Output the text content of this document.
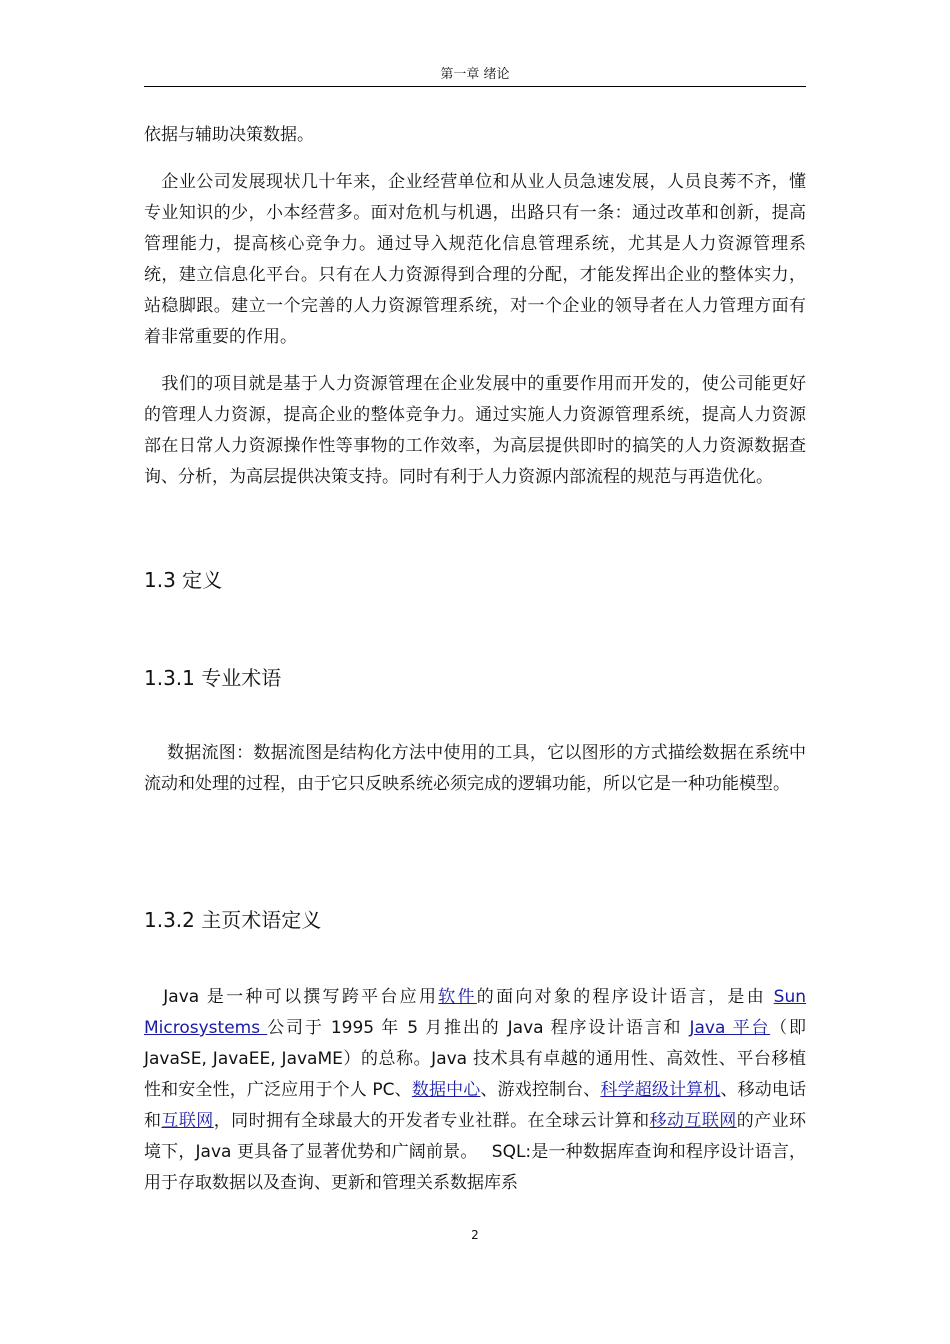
第一章 绪论

依据与辅助决策数据。

　企业公司发展现状几十年来，企业经营单位和从业人员急速发展，人员良莠不齐，懂专业知识的少，小本经营多。面对危机与机遇，出路只有一条：通过改革和创新，提高管理能力，提高核心竞争力。通过导入规范化信息管理系统，尤其是人力资源管理系统，建立信息化平台。只有在人力资源得到合理的分配，才能发挥出企业的整体实力，站稳脚跟。建立一个完善的人力资源管理系统，对一个企业的领导者在人力管理方面有着非常重要的作用。

　我们的项目就是基于人力资源管理在企业发展中的重要作用而开发的，使公司能更好的管理人力资源，提高企业的整体竞争力。通过实施人力资源管理系统，提高人力资源部在日常人力资源操作性等事物的工作效率，为高层提供即时的搞笑的人力资源数据查询、分析，为高层提供决策支持。同时有利于人力资源内部流程的规范与再造优化。

1.3 定义
1.3.1 专业术语

　 数据流图：数据流图是结构化方法中使用的工具，它以图形的方式描绘数据在系统中流动和处理的过程，由于它只反映系统必须完成的逻辑功能，所以它是一种功能模型。

1.3.2 主页术语定义

　Java 是一种可以撰写跨平台应用软件的面向对象的程序设计语言，是由 Sun Microsystems 公司于 1995 年 5 月推出的 Java 程序设计语言和 Java 平台（即 JavaSE, JavaEE, JavaME）的总称。Java 技术具有卓越的通用性、高效性、平台移植性和安全性，广泛应用于个人 PC、数据中心、游戏控制台、科学超级计算机、移动电话和互联网，同时拥有全球最大的开发者专业社群。在全球云计算和移动互联网的产业环境下，Java 更具备了显著优势和广阔前景。　 SQL:是一种数据库查询和程序设计语言，用于存取数据以及查询、更新和管理关系数据库系

2
